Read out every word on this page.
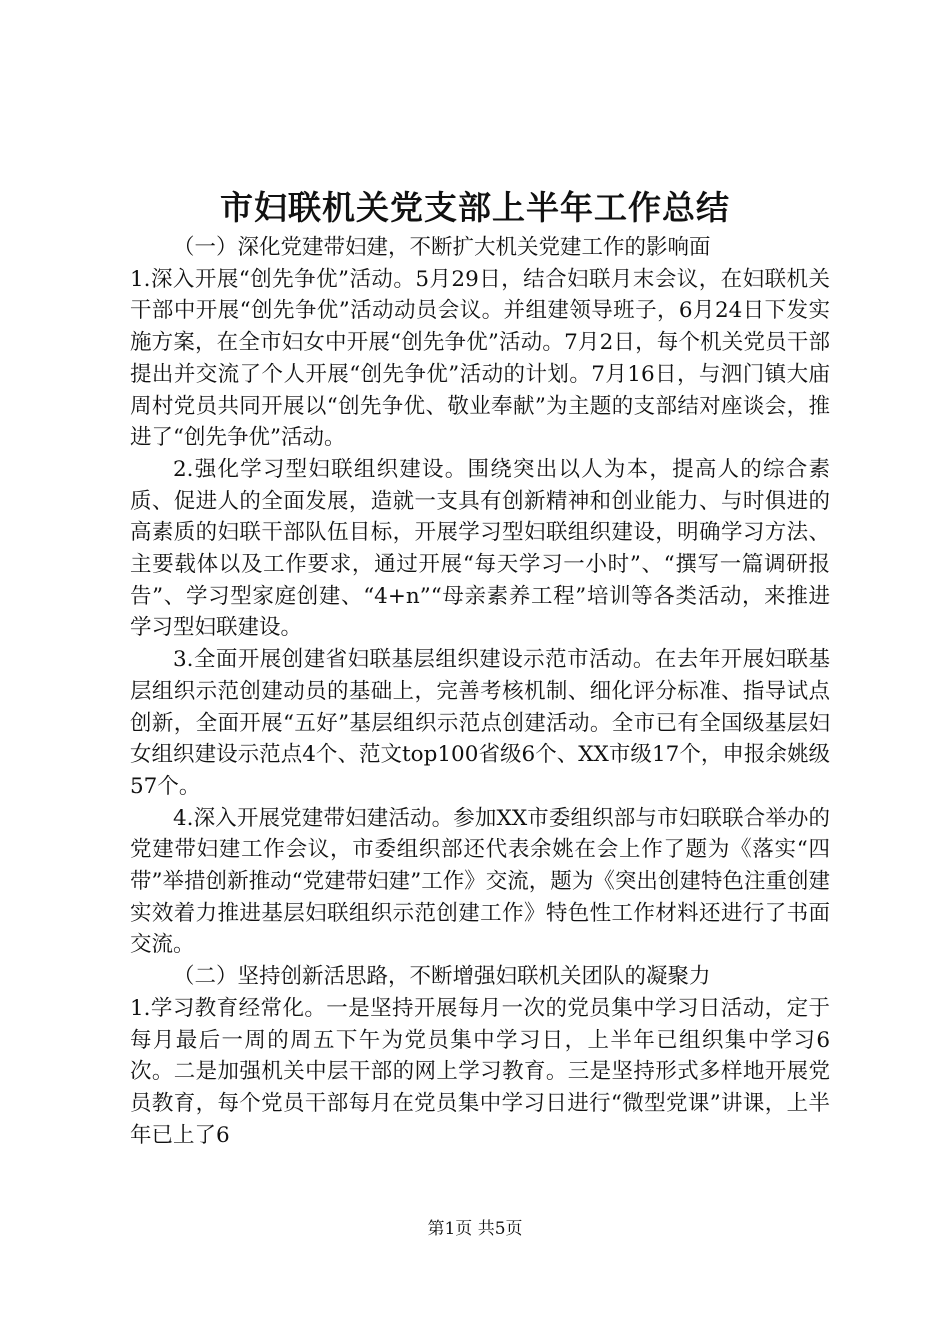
市妇联机关党支部上半年工作总结

（一）深化党建带妇建，不断扩大机关党建工作的影响面

1.深入开展“创先争优”活动。5月29日，结合妇联月末会议，在妇联机关干部中开展“创先争优”活动动员会议。并组建领导班子，6月24日下发实施方案，在全市妇女中开展“创先争优”活动。7月2日，每个机关党员干部提出并交流了个人开展“创先争优”活动的计划。7月16日，与泗门镇大庙周村党员共同开展以“创先争优、敬业奉献”为主题的支部结对座谈会，推进了“创先争优”活动。

2.强化学习型妇联组织建设。围绕突出以人为本，提高人的综合素质、促进人的全面发展，造就一支具有创新精神和创业能力、与时俱进的高素质的妇联干部队伍目标，开展学习型妇联组织建设，明确学习方法、主要载体以及工作要求，通过开展“每天学习一小时”、“撰写一篇调研报告”、学习型家庭创建、“4+n”“母亲素养工程”培训等各类活动，来推进学习型妇联建设。

3.全面开展创建省妇联基层组织建设示范市活动。在去年开展妇联基层组织示范创建动员的基础上，完善考核机制、细化评分标准、指导试点创新，全面开展“五好”基层组织示范点创建活动。全市已有全国级基层妇女组织建设示范点4个、范文top100省级6个、XX市级17个，申报余姚级57个。

4.深入开展党建带妇建活动。参加XX市委组织部与市妇联联合举办的党建带妇建工作会议，市委组织部还代表余姚在会上作了题为《落实“四带”举措创新推动“党建带妇建”工作》交流，题为《突出创建特色注重创建实效着力推进基层妇联组织示范创建工作》特色性工作材料还进行了书面交流。

（二）坚持创新活思路，不断增强妇联机关团队的凝聚力

1.学习教育经常化。一是坚持开展每月一次的党员集中学习日活动，定于每月最后一周的周五下午为党员集中学习日，上半年已组织集中学习6次。二是加强机关中层干部的网上学习教育。三是坚持形式多样地开展党员教育，每个党员干部每月在党员集中学习日进行“微型党课”讲课，上半年已上了6

第1页 共5页
